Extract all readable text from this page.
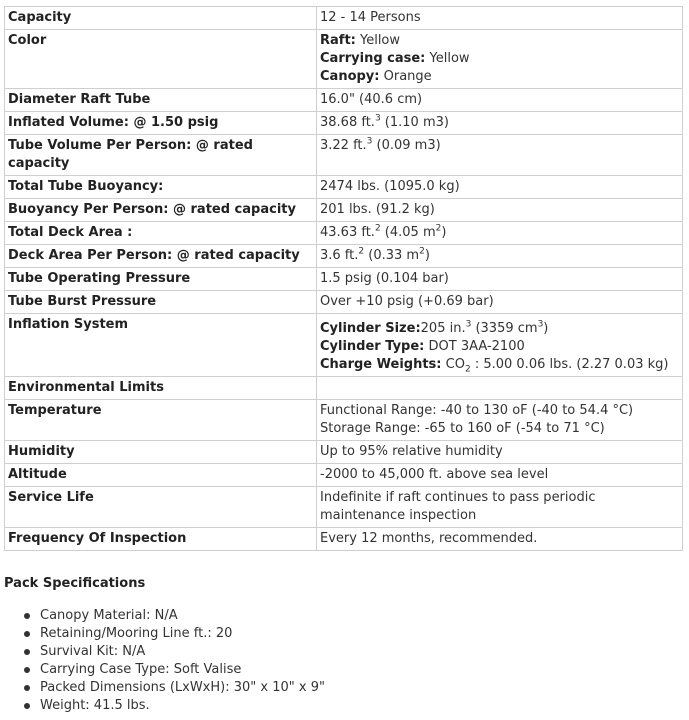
Capacity	12 - 14 Persons
Color	Raft: Yellow
Carrying case: Yellow
Canopy: Orange

Diameter Raft Tube	16.0" (40.6 cm)
Inflated Volume: @ 1.50 psig	38.68 ft.$^3$ (1.10 m3)
Tube Volume Per Person: @ rated capacity	3.22 ft.$^3$ (0.09 m3)
Total Tube Buoyancy:	2474 lbs. (1095.0 kg)
Buoyancy Per Person: @ rated capacity	201 lbs. (91.2 kg)
Total Deck Area :	43.63 ft.$^2$ (4.05 $m^2$)
Deck Area Per Person: @ rated capacity	3.6 ft.$^2$ (0.33 $m^2$)
Tube Operating Pressure	1.5 psig (0.104 bar)
Tube Burst Pressure	Over +10 psig (+0.69 bar)
Inflation System	Cylinder Size:205 in.$^3$ (3359 $cm^3$)
Cylinder Type: DOT 3AA-2100
Charge Weights: $CO_2$ : 5.00 0.06 lbs. (2.27 0.03 kg)

Environmental Limits	
Temperature	Functional Range: -40 to 130 oF (-40 to 54.4 °C)
Storage Range: -65 to 160 oF (-54 to 71 °C)

Humidity	Up to 95% relative humidity
Altitude	-2000 to 45,000 ft. above sea level
Service Life	Indefinite if raft continues to pass periodic maintenance inspection
Frequency Of Inspection	Every 12 months, recommended.
Pack Specifications
Canopy Material: N/A
Retaining/Mooring Line ft.: 20
Survival Kit: N/A
Carrying Case Type: Soft Valise
Packed Dimensions (LxWxH): 30" x 10" x 9"
Weight: 41.5 lbs.
